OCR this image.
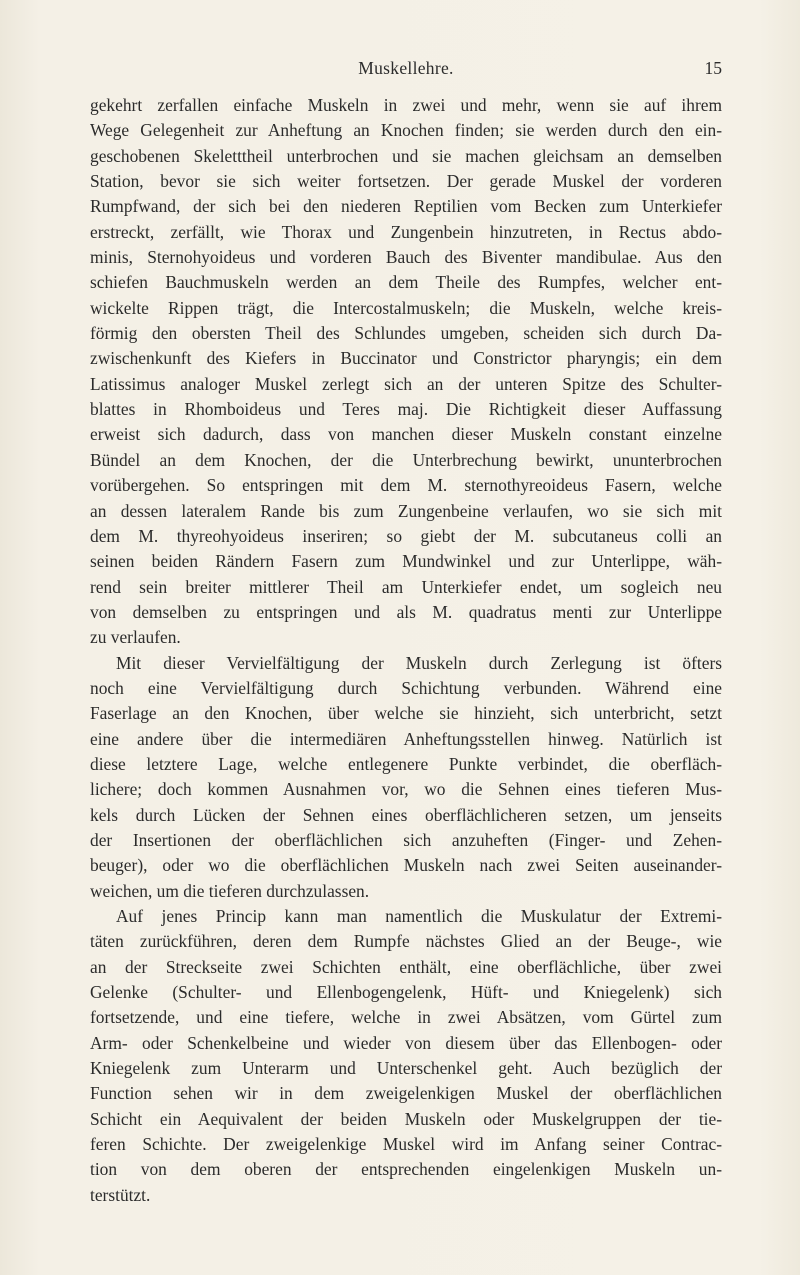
Muskellehre.	15
gekehrt zerfallen einfache Muskeln in zwei und mehr, wenn sie auf ihrem
Wege Gelegenheit zur Anheftung an Knochen finden; sie werden durch den ein-
geschobenen Skeletttheil unterbrochen und sie machen gleichsam an demselben
Station, bevor sie sich weiter fortsetzen. Der gerade Muskel der vorderen
Rumpfwand, der sich bei den niederen Reptilien vom Becken zum Unterkiefer
erstreckt, zerfällt, wie Thorax und Zungenbein hinzutreten, in Rectus abdo-
minis, Sternohyoideus und vorderen Bauch des Biventer mandibulae. Aus den
schiefen Bauchmuskeln werden an dem Theile des Rumpfes, welcher ent-
wickelte Rippen trägt, die Intercostalmuskeln; die Muskeln, welche kreis-
förmig den obersten Theil des Schlundes umgeben, scheiden sich durch Da-
zwischenkunft des Kiefers in Buccinator und Constrictor pharyngis; ein dem
Latissimus analoger Muskel zerlegt sich an der unteren Spitze des Schulter-
blattes in Rhomboideus und Teres maj. Die Richtigkeit dieser Auffassung
erweist sich dadurch, dass von manchen dieser Muskeln constant einzelne
Bündel an dem Knochen, der die Unterbrechung bewirkt, ununterbrochen
vorübergehen. So entspringen mit dem M. sternothyreoideus Fasern, welche
an dessen lateralem Rande bis zum Zungenbeine verlaufen, wo sie sich mit
dem M. thyreohyoideus inseriren; so giebt der M. subcutaneus colli an
seinen beiden Rändern Fasern zum Mundwinkel und zur Unterlippe, wäh-
rend sein breiter mittlerer Theil am Unterkiefer endet, um sogleich neu
von demselben zu entspringen und als M. quadratus menti zur Unterlippe
zu verlaufen.
Mit dieser Vervielfältigung der Muskeln durch Zerlegung ist öfters
noch eine Vervielfältigung durch Schichtung verbunden. Während eine
Faserlage an den Knochen, über welche sie hinzieht, sich unterbricht, setzt
eine andere über die intermediären Anheftungsstellen hinweg. Natürlich ist
diese letztere Lage, welche entlegenere Punkte verbindet, die oberfläch-
lichere; doch kommen Ausnahmen vor, wo die Sehnen eines tieferen Mus-
kels durch Lücken der Sehnen eines oberflächlicheren setzen, um jenseits
der Insertionen der oberflächlichen sich anzuheften (Finger- und Zehen-
beuger), oder wo die oberflächlichen Muskeln nach zwei Seiten auseinander-
weichen, um die tieferen durchzulassen.
Auf jenes Princip kann man namentlich die Muskulatur der Extremi-
täten zurückführen, deren dem Rumpfe nächstes Glied an der Beuge-, wie
an der Streckseite zwei Schichten enthält, eine oberflächliche, über zwei
Gelenke (Schulter- und Ellenbogengelenk, Hüft- und Kniegelenk) sich
fortsetzende, und eine tiefere, welche in zwei Absätzen, vom Gürtel zum
Arm- oder Schenkelbeine und wieder von diesem über das Ellenbogen- oder
Kniegelenk zum Unterarm und Unterschenkel geht. Auch bezüglich der
Function sehen wir in dem zweigelenkigen Muskel der oberflächlichen
Schicht ein Aequivalent der beiden Muskeln oder Muskelgruppen der tie-
feren Schichte. Der zweigelenkige Muskel wird im Anfang seiner Contrac-
tion von dem oberen der entsprechenden eingelenkigen Muskeln un-
terstützt.
